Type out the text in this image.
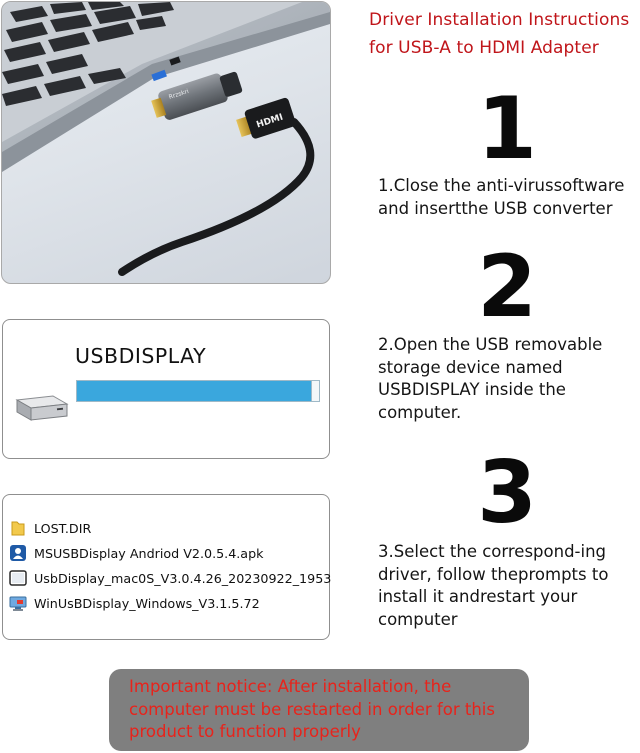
Rrzskri
HDMI
Driver Installation Instructions
for USB-A to HDMI Adapter
1
1.Close the anti-virussoftware
and insertthe USB converter
2
2.Open the USB removable
storage device named
USBDISPLAY inside the
computer.
3
3.Select the correspond-ing
driver, follow theprompts to
install it andrestart your
computer
USBDISPLAY
LOST.DIR
MSUSBDisplay Andriod V2.0.5.4.apk
UsbDisplay_mac0S_V3.0.4.26_20230922_1953
WinUsBDisplay_Windows_V3.1.5.72
Important notice: After installation, the
computer must be restarted in order for this
product to function properly
